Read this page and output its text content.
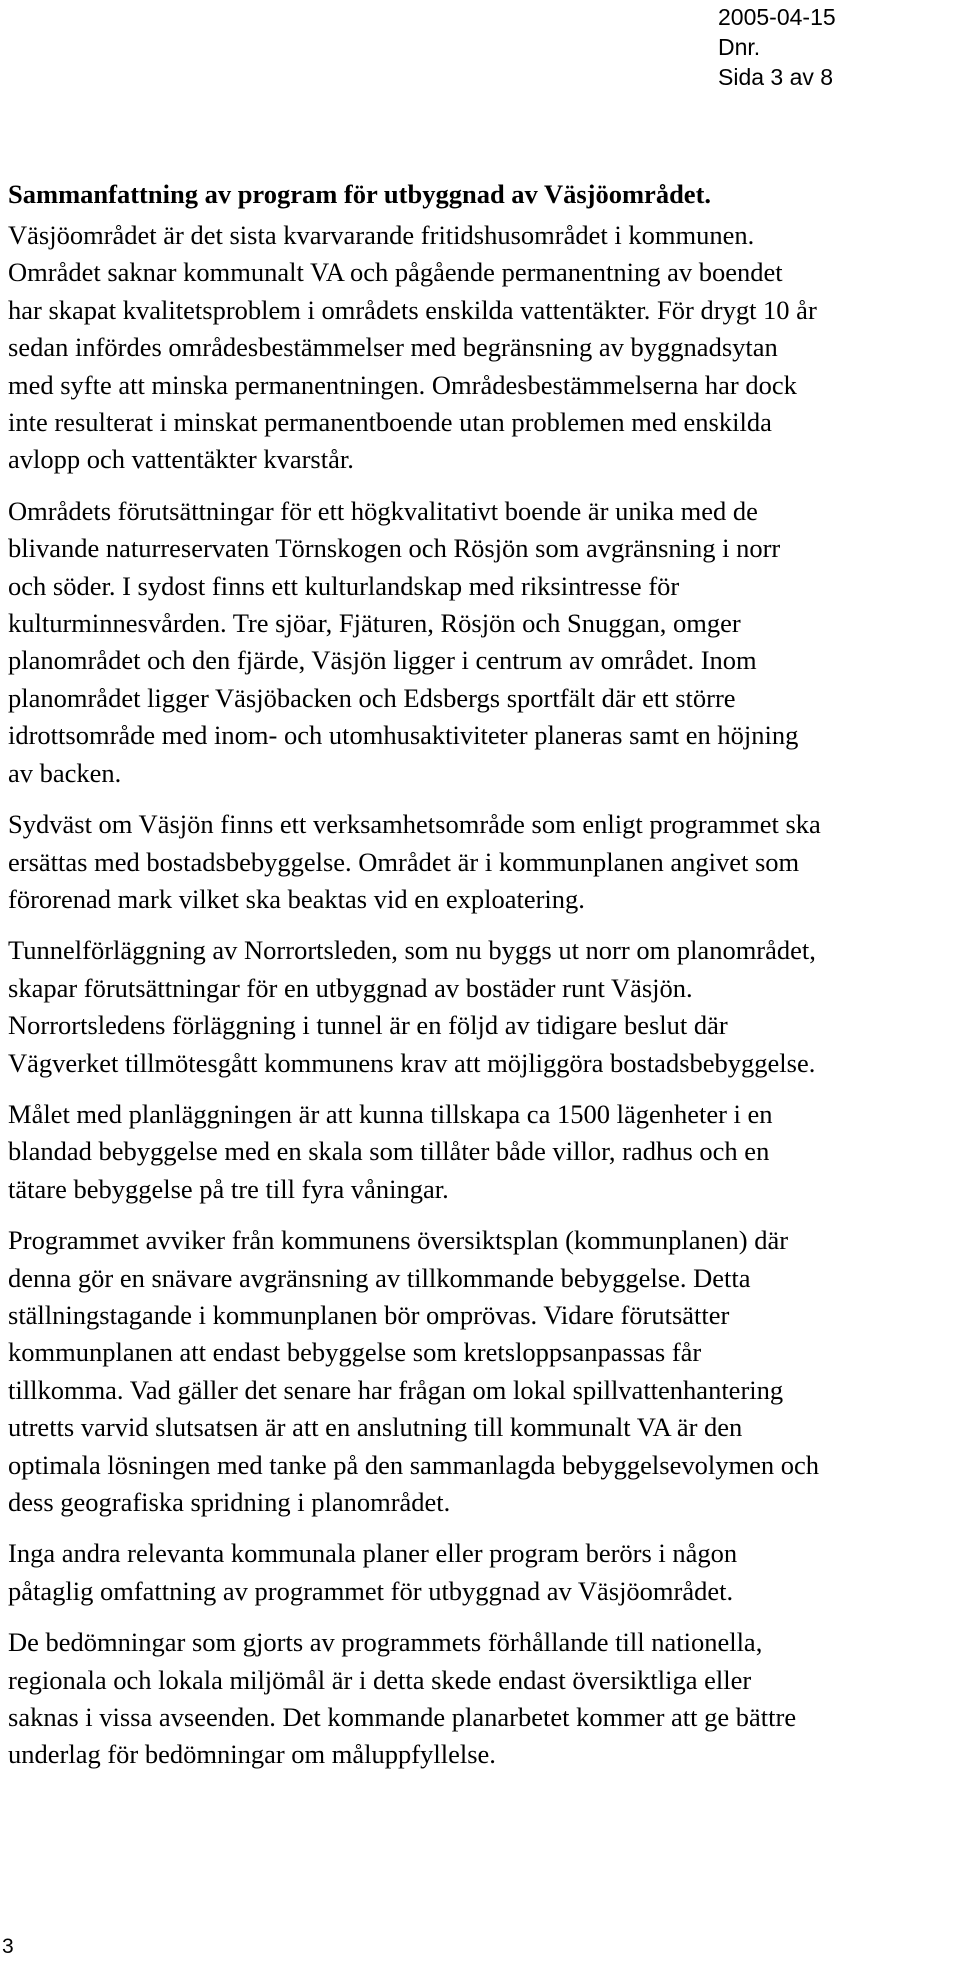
2005-04-15
Dnr.
Sida 3 av 8
Sammanfattning av program för utbyggnad av Väsjöområdet.
Väsjöområdet är det sista kvarvarande fritidshusområdet i kommunen.
Området saknar kommunalt VA och pågående permanentning av boendet
har skapat kvalitetsproblem i områdets enskilda vattentäkter. För drygt 10 år
sedan infördes områdesbestämmelser med begränsning av byggnadsytan
med syfte att minska permanentningen. Områdesbestämmelserna har dock
inte resulterat i minskat permanentboende utan problemen med enskilda
avlopp och vattentäkter kvarstår.
Områdets förutsättningar för ett högkvalitativt boende är unika med de
blivande naturreservaten Törnskogen och Rösjön som avgränsning i norr
och söder. I sydost finns ett kulturlandskap med riksintresse för
kulturminnesvården. Tre sjöar, Fjäturen, Rösjön och Snuggan, omger
planområdet och den fjärde, Väsjön ligger i centrum av området. Inom
planområdet ligger Väsjöbacken och Edsbergs sportfält där ett större
idrottsområde med inom- och utomhusaktiviteter planeras samt en höjning
av backen.
Sydväst om Väsjön finns ett verksamhetsområde som enligt programmet ska
ersättas med bostadsbebyggelse. Området är i kommunplanen angivet som
förorenad mark vilket ska beaktas vid en exploatering.
Tunnelförläggning av Norrortsleden, som nu byggs ut norr om planområdet,
skapar förutsättningar för en utbyggnad av bostäder runt Väsjön.
Norrortsledens förläggning i tunnel är en följd av tidigare beslut där
Vägverket tillmötesgått kommunens krav att möjliggöra bostadsbebyggelse.
Målet med planläggningen är att kunna tillskapa ca 1500 lägenheter i en
blandad bebyggelse med en skala som tillåter både villor, radhus och en
tätare bebyggelse på tre till fyra våningar.
Programmet avviker från kommunens översiktsplan (kommunplanen) där
denna gör en snävare avgränsning av tillkommande bebyggelse. Detta
ställningstagande i kommunplanen bör omprövas. Vidare förutsätter
kommunplanen att endast bebyggelse som kretsloppsanpassas får
tillkomma. Vad gäller det senare har frågan om lokal spillvattenhantering
utretts varvid slutsatsen är att en anslutning till kommunalt VA är den
optimala lösningen med tanke på den sammanlagda bebyggelsevolymen och
dess geografiska spridning i planområdet.
Inga andra relevanta kommunala planer eller program berörs i någon
påtaglig omfattning av programmet för utbyggnad av Väsjöområdet.
De bedömningar som gjorts av programmets förhållande till nationella,
regionala och lokala miljömål är i detta skede endast översiktliga eller
saknas i vissa avseenden. Det kommande planarbetet kommer att ge bättre
underlag för bedömningar om måluppfyllelse.
3
